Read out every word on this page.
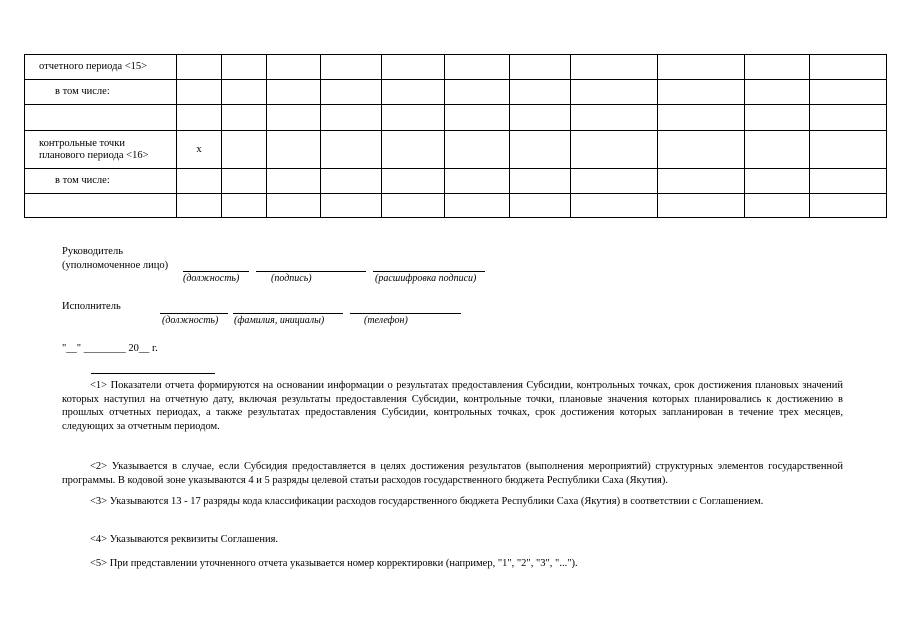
отчетного периода <15>											
в том числе:											

контрольные точки планового периода <16>	x										
в том числе:											

Руководитель
(уполномоченное лицо)
(должность)	(подпись)	(расшифровка подписи)
Исполнитель
(должность) (фамилия, инициалы)	(телефон)
"__" ________ 20__ г.

<1> Показатели отчета формируются на основании информации о результатах предоставления Субсидии, контрольных точках, срок достижения плановых значений которых наступил на отчетную дату, включая результаты предоставления Субсидии, контрольные точки, плановые значения которых планировались к достижению в прошлых отчетных периодах, а также результатах предоставления Субсидии, контрольных точках, срок достижения которых запланирован в течение трех месяцев, следующих за отчетным периодом.

<2> Указывается в случае, если Субсидия предоставляется в целях достижения результатов (выполнения мероприятий) структурных элементов государственной программы. В кодовой зоне указываются 4 и 5 разряды целевой статьи расходов государственного бюджета Республики Саха (Якутия).

<3> Указываются 13 - 17 разряды кода классификации расходов государственного бюджета Республики Саха (Якутия) в соответствии с Соглашением.

<4> Указываются реквизиты Соглашения.

<5> При представлении уточненного отчета указывается номер корректировки (например, "1", "2", "3", "...").
